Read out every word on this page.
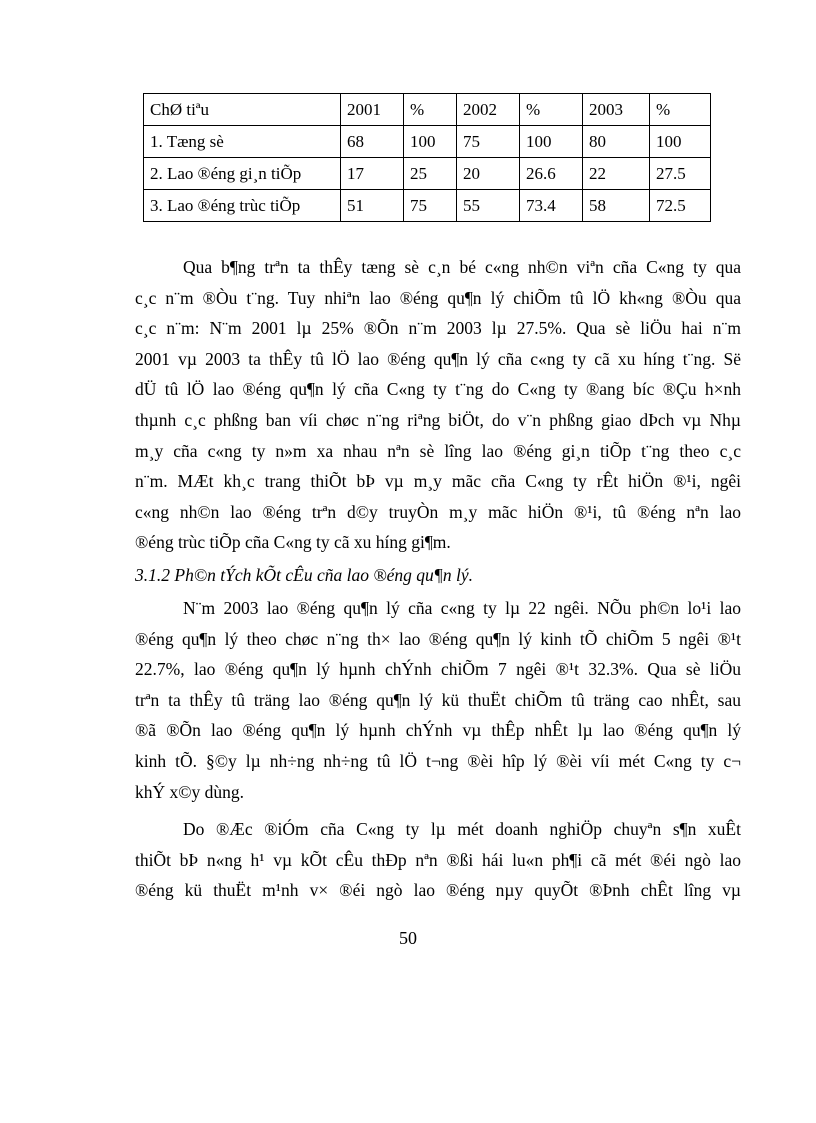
ChØ tiªu	2001	%	2002	%	2003	%
1. Tæng sè	68	100	75	100	80	100
2. Lao ®éng gi¸n tiÕp	17	25	20	26.6	22	27.5
3. Lao ®éng trùc tiÕp	51	75	55	73.4	58	72.5
Qua b¶ng trªn ta thÊy tæng sè c¸n bé c«ng nh©n viªn cña C«ng ty qua
c¸c n¨m ®Òu t¨ng. Tuy nhiªn lao ®éng qu¶n lý chiÕm tû lÖ kh«ng ®Òu qua
c¸c n¨m: N¨m 2001 lµ 25% ®Õn n¨m 2003 lµ 27.5%. Qua sè liÖu hai n¨m
2001 vµ 2003 ta thÊy tû lÖ lao ®éng qu¶n lý cña c«ng ty cã xu híng t¨ng. Së
dÜ tû lÖ lao ®éng qu¶n lý cña C«ng ty t¨ng do C«ng ty ®ang bíc ®Çu h×nh
thµnh c¸c phßng ban víi chøc n¨ng riªng biÖt, do v¨n phßng giao dÞch vµ Nhµ
m¸y cña c«ng ty n»m xa nhau nªn sè lîng lao ®éng gi¸n tiÕp t¨ng theo c¸c
n¨m. MÆt kh¸c trang thiÕt bÞ vµ m¸y mãc cña C«ng ty rÊt hiÖn ®¹i, ngêi
c«ng nh©n lao ®éng trªn d©y truyÒn m¸y mãc hiÖn ®¹i, tû ®éng nªn lao
®éng trùc tiÕp cña C«ng ty cã xu híng gi¶m.

3.1.2 Ph©n tÝch kÕt cÊu cña lao ®éng qu¶n lý.

N¨m 2003 lao ®éng qu¶n lý cña c«ng ty lµ 22 ngêi. NÕu ph©n lo¹i lao
®éng qu¶n lý theo chøc n¨ng th× lao ®éng qu¶n lý kinh tÕ chiÕm 5 ngêi ®¹t
22.7%, lao ®éng qu¶n lý hµnh chÝnh chiÕm 7 ngêi ®¹t 32.3%. Qua sè liÖu
trªn ta thÊy tû träng lao ®éng qu¶n lý kü thuËt chiÕm tû träng cao nhÊt, sau
®ã ®Õn lao ®éng qu¶n lý hµnh chÝnh vµ thÊp nhÊt lµ lao ®éng qu¶n lý
kinh tÕ. §©y lµ nh÷ng nh÷ng tû lÖ t¬ng ®èi hîp lý ®èi víi mét C«ng ty c¬
khÝ x©y dùng.
Do ®Æc ®iÓm cña C«ng ty lµ mét doanh nghiÖp chuyªn s¶n xuÊt
thiÕt bÞ n«ng h¹ vµ kÕt cÊu thÐp nªn ®ßi hái lu«n ph¶i cã mét ®éi ngò lao
®éng kü thuËt m¹nh v× ®éi ngò lao ®éng nµy quyÕt ®Þnh chÊt lîng vµ

50
